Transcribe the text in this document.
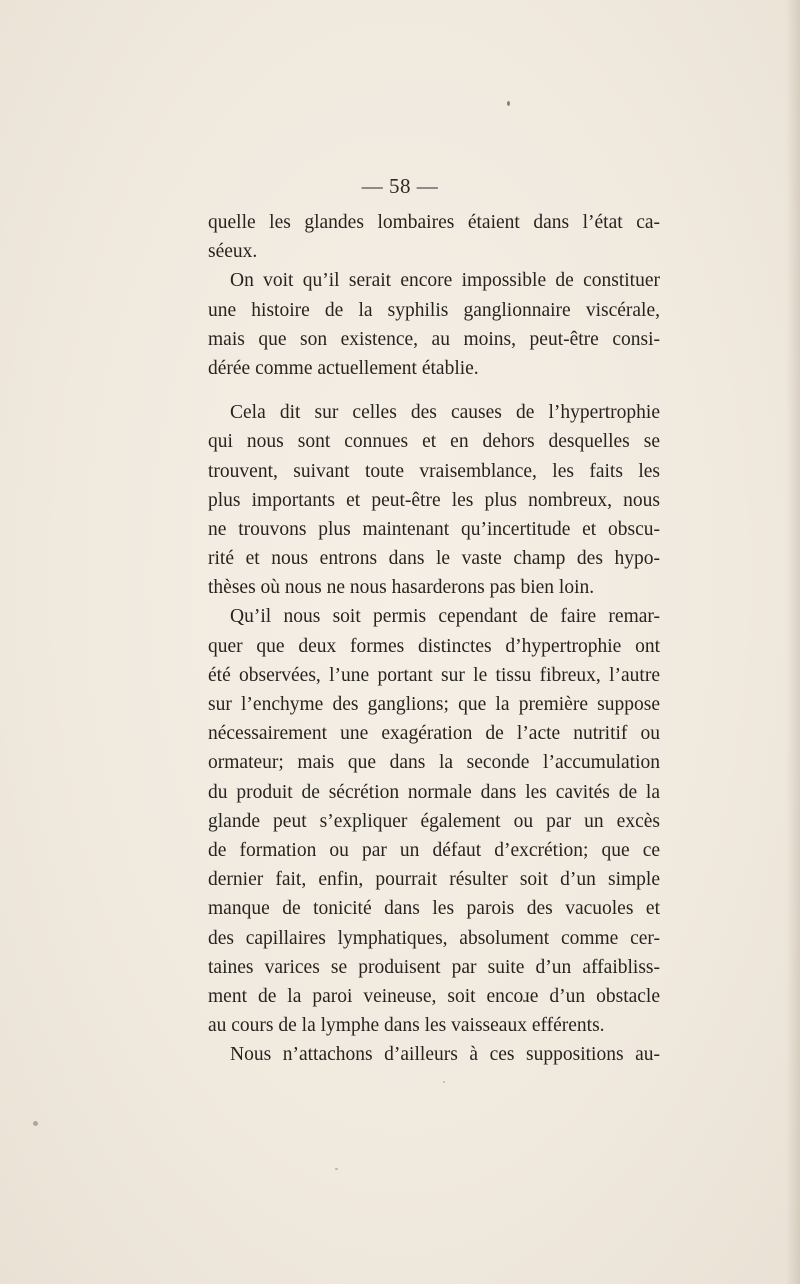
— 58 —
quelle les glandes lombaires étaient dans l’état ca-
séeux.
On voit qu’il serait encore impossible de constituer
une histoire de la syphilis ganglionnaire viscérale,
mais que son existence, au moins, peut-être consi-
dérée comme actuellement établie.
Cela dit sur celles des causes de l’hypertrophie
qui nous sont connues et en dehors desquelles se
trouvent, suivant toute vraisemblance, les faits les
plus importants et peut-être les plus nombreux, nous
ne trouvons plus maintenant qu’incertitude et obscu-
rité et nous entrons dans le vaste champ des hypo-
thèses où nous ne nous hasarderons pas bien loin.
Qu’il nous soit permis cependant de faire remar-
quer que deux formes distinctes d’hypertrophie ont
été observées, l’une portant sur le tissu fibreux, l’autre
sur l’enchyme des ganglions; que la première suppose
nécessairement une exagération de l’acte nutritif ou
ormateur; mais que dans la seconde l’accumulation
du produit de sécrétion normale dans les cavités de la
glande peut s’expliquer également ou par un excès
de formation ou par un défaut d’excrétion; que ce
dernier fait, enfin, pourrait résulter soit d’un simple
manque de tonicité dans les parois des vacuoles et
des capillaires lymphatiques, absolument comme cer-
taines varices se produisent par suite d’un affaibliss-
ment de la paroi veineuse, soit encoɹe d’un obstacle
au cours de la lymphe dans les vaisseaux efférents.
Nous n’attachons d’ailleurs à ces suppositions au-
